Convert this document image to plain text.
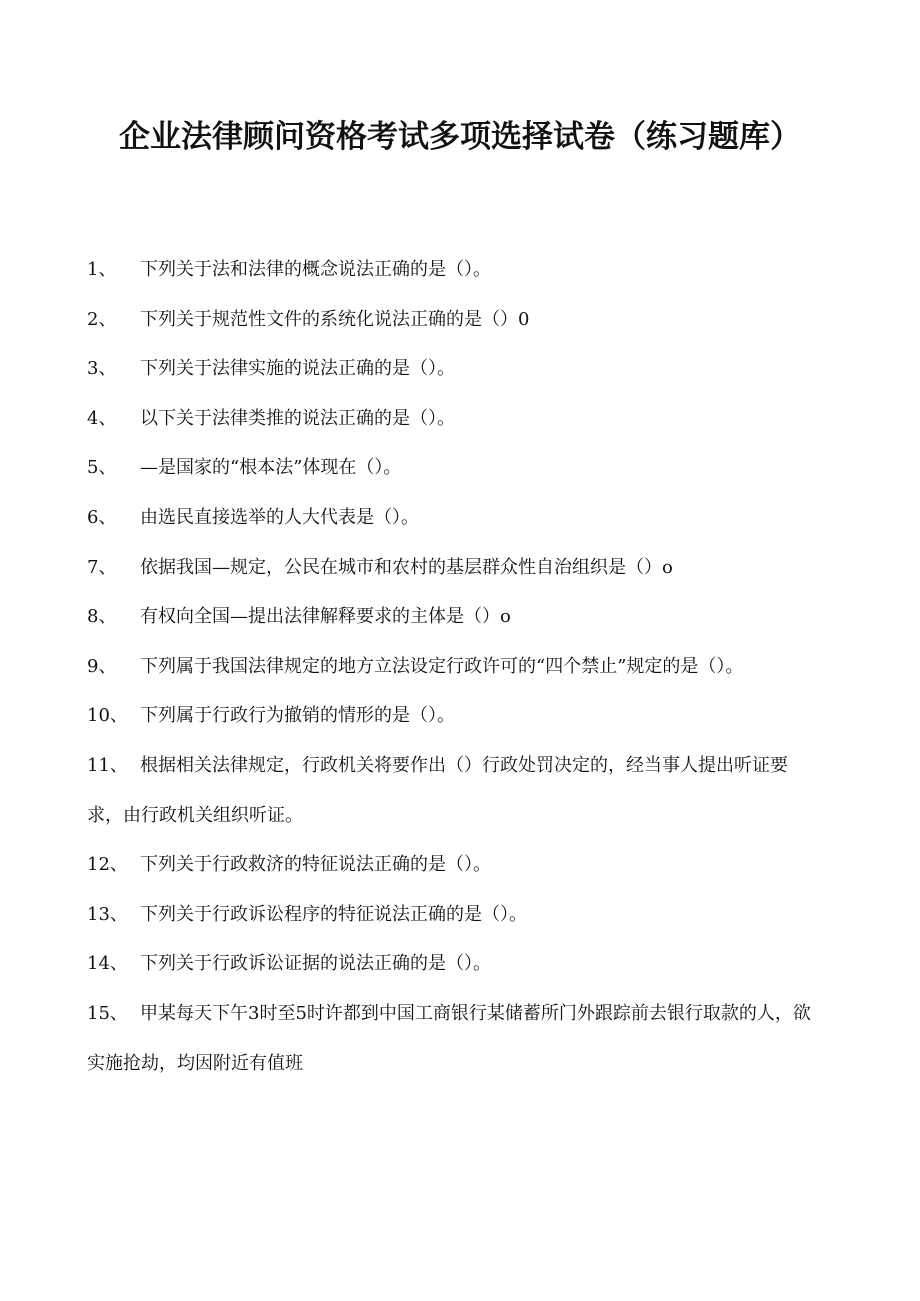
企业法律顾问资格考试多项选择试卷（练习题库）
1、 下列关于法和法律的概念说法正确的是（）。
2、 下列关于规范性文件的系统化说法正确的是（）0
3、 下列关于法律实施的说法正确的是（）。
4、 以下关于法律类推的说法正确的是（）。
5、 —是国家的“根本法”体现在（）。
6、 由选民直接选举的人大代表是（）。
7、 依据我国—规定，公民在城市和农村的基层群众性自治组织是（）o
8、 有权向全国—提出法律解释要求的主体是（）o
9、 下列属于我国法律规定的地方立法设定行政许可的“四个禁止”规定的是（）。
10、 下列属于行政行为撤销的情形的是（）。
11、 根据相关法律规定，行政机关将要作出（）行政处罚决定的，经当事人提出听证要求，由行政机关组织听证。
12、 下列关于行政救济的特征说法正确的是（）。
13、 下列关于行政诉讼程序的特征说法正确的是（）。
14、 下列关于行政诉讼证据的说法正确的是（）。
15、 甲某每天下午3时至5时许都到中国工商银行某储蓄所门外跟踪前去银行取款的人，欲实施抢劫，均因附近有值班
